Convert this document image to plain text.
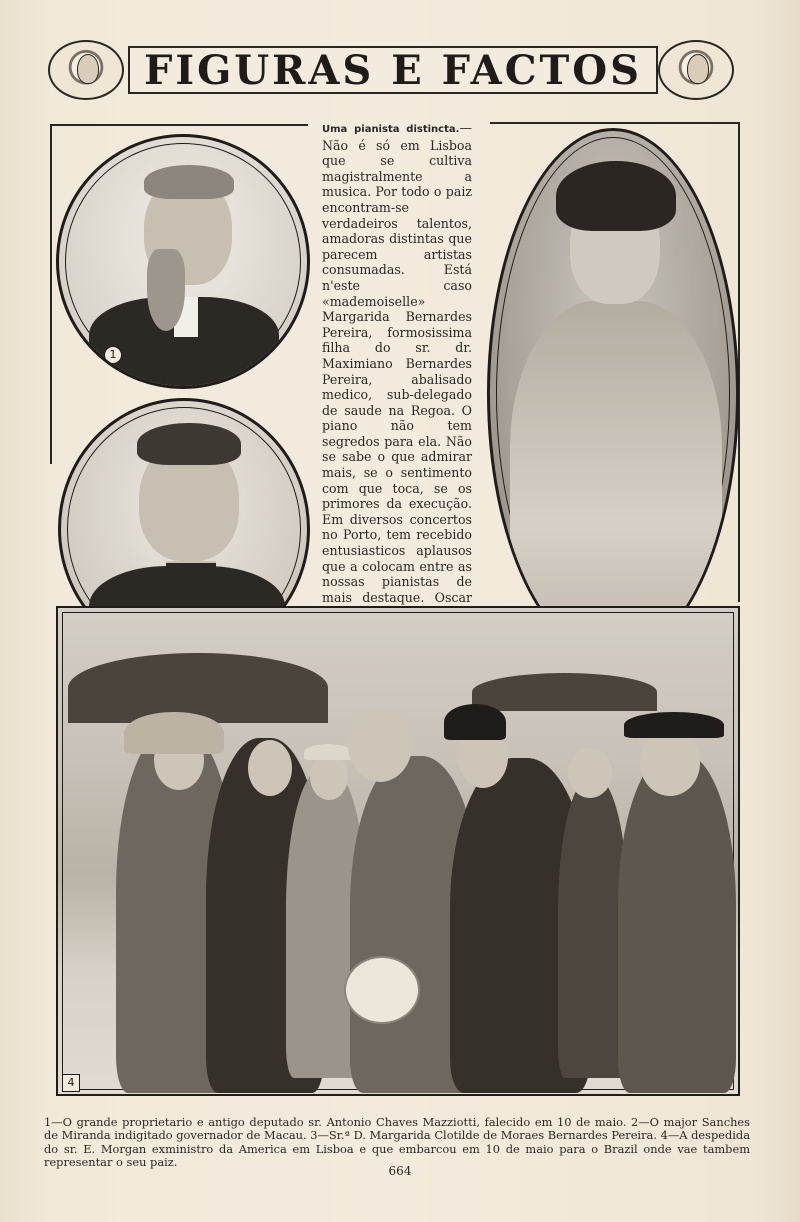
FIGURAS E FACTOS
1
Uma pianista distincta.—Não é só em Lisboa que se cultiva magistralmente a musica. Por todo o paiz encontram-se verdadeiros talentos, amadoras distintas que parecem artistas consumadas. Está n'este caso «mademoiselle» Margarida Bernardes Pereira, formosissima filha do sr. dr. Maximiano Bernardes Pereira, abalisado medico, sub-delegado de saude na Regoa. O piano não tem segredos para ela. Não se sabe o que admirar mais, se o sentimento com que toca, se os primores da execução. Em diversos concertos no Porto, tem recebido entusiasticos aplausos que a colocam entre as nossas pianistas de mais destaque. Oscar
4
1—O grande proprietario e antigo deputado sr. Antonio Chaves Mazziotti, falecido em 10 de maio. 2—O major Sanches de Miranda indigitado governador de Macau. 3—Sr.ª D. Margarida Clotilde de Moraes Bernardes Pereira. 4—A despedida do sr. E. Morgan exministro da America em Lisboa e que embarcou em 10 de maio para o Brazil onde vae tambem representar o seu paiz.
664
